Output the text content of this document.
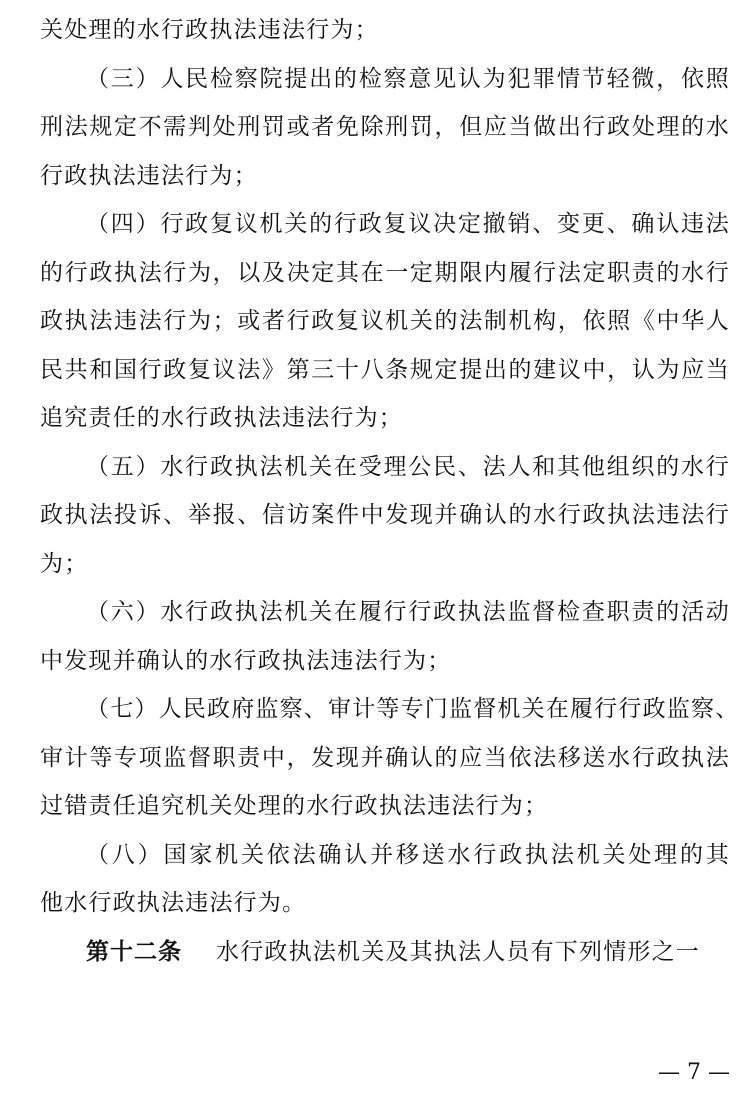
关处理的水行政执法违法行为；
（三）人民检察院提出的检察意见认为犯罪情节轻微，依照
刑法规定不需判处刑罚或者免除刑罚，但应当做出行政处理的水
行政执法违法行为；
（四）行政复议机关的行政复议决定撤销、变更、确认违法
的行政执法行为，以及决定其在一定期限内履行法定职责的水行
政执法违法行为；或者行政复议机关的法制机构，依照《中华人
民共和国行政复议法》第三十八条规定提出的建议中，认为应当
追究责任的水行政执法违法行为；
（五）水行政执法机关在受理公民、法人和其他组织的水行
政执法投诉、举报、信访案件中发现并确认的水行政执法违法行
为；
（六）水行政执法机关在履行行政执法监督检查职责的活动
中发现并确认的水行政执法违法行为；
（七）人民政府监察、审计等专门监督机关在履行行政监察、
审计等专项监督职责中，发现并确认的应当依法移送水行政执法
过错责任追究机关处理的水行政执法违法行为；
（八）国家机关依法确认并移送水行政执法机关处理的其
他水行政执法违法行为。
第十二条 水行政执法机关及其执法人员有下列情形之一
— 7 —
